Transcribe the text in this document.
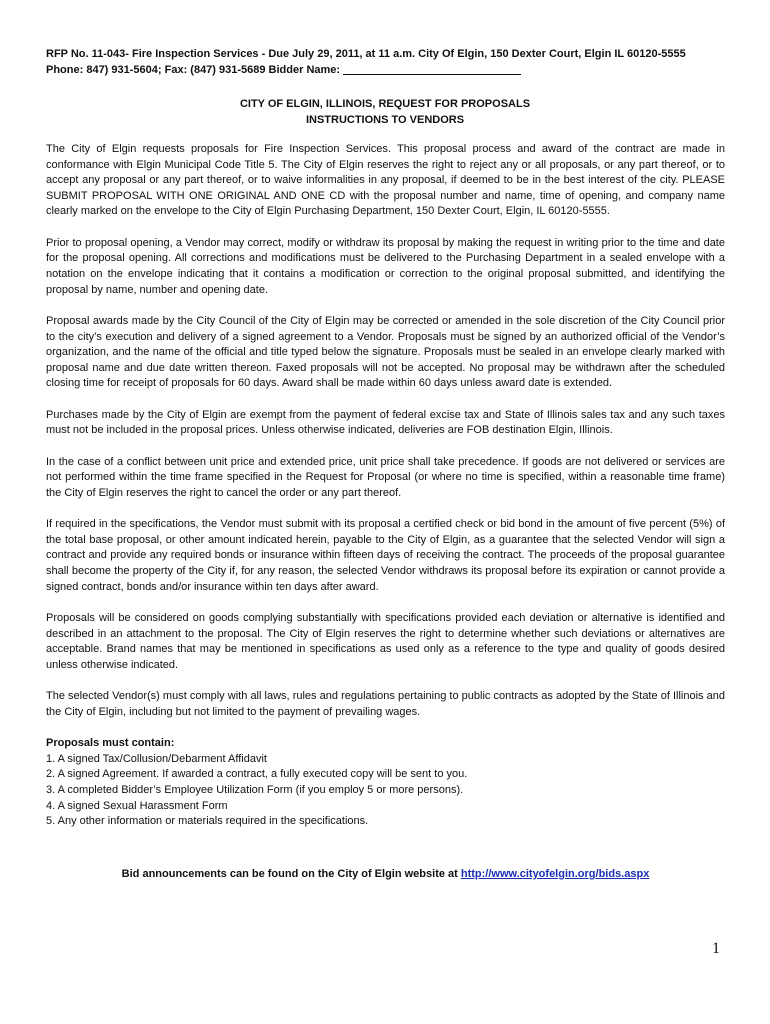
RFP No. 11-043- Fire Inspection Services - Due July 29, 2011, at 11 a.m. City Of Elgin, 150 Dexter Court, Elgin IL 60120-5555
Phone: 847) 931-5604; Fax: (847) 931-5689 Bidder Name:
CITY OF ELGIN, ILLINOIS, REQUEST FOR PROPOSALS
INSTRUCTIONS TO VENDORS

The City of Elgin requests proposals for Fire Inspection Services. This proposal process and award of the contract are made in conformance with Elgin Municipal Code Title 5. The City of Elgin reserves the right to reject any or all proposals, or any part thereof, or to accept any proposal or any part thereof, or to waive informalities in any proposal, if deemed to be in the best interest of the city. PLEASE SUBMIT PROPOSAL WITH ONE ORIGINAL AND ONE CD with the proposal number and name, time of opening, and company name clearly marked on the envelope to the City of Elgin Purchasing Department, 150 Dexter Court, Elgin, IL 60120-5555.

Prior to proposal opening, a Vendor may correct, modify or withdraw its proposal by making the request in writing prior to the time and date for the proposal opening. All corrections and modifications must be delivered to the Purchasing Department in a sealed envelope with a notation on the envelope indicating that it contains a modification or correction to the original proposal submitted, and identifying the proposal by name, number and opening date.

Proposal awards made by the City Council of the City of Elgin may be corrected or amended in the sole discretion of the City Council prior to the city’s execution and delivery of a signed agreement to a Vendor. Proposals must be signed by an authorized official of the Vendor’s organization, and the name of the official and title typed below the signature. Proposals must be sealed in an envelope clearly marked with proposal name and due date written thereon. Faxed proposals will not be accepted. No proposal may be withdrawn after the scheduled closing time for receipt of proposals for 60 days. Award shall be made within 60 days unless award date is extended.

Purchases made by the City of Elgin are exempt from the payment of federal excise tax and State of Illinois sales tax and any such taxes must not be included in the proposal prices. Unless otherwise indicated, deliveries are FOB destination Elgin, Illinois.

In the case of a conflict between unit price and extended price, unit price shall take precedence. If goods are not delivered or services are not performed within the time frame specified in the Request for Proposal (or where no time is specified, within a reasonable time frame) the City of Elgin reserves the right to cancel the order or any part thereof.

If required in the specifications, the Vendor must submit with its proposal a certified check or bid bond in the amount of five percent (5%) of the total base proposal, or other amount indicated herein, payable to the City of Elgin, as a guarantee that the selected Vendor will sign a contract and provide any required bonds or insurance within fifteen days of receiving the contract. The proceeds of the proposal guarantee shall become the property of the City if, for any reason, the selected Vendor withdraws its proposal before its expiration or cannot provide a signed contract, bonds and/or insurance within ten days after award.

Proposals will be considered on goods complying substantially with specifications provided each deviation or alternative is identified and described in an attachment to the proposal. The City of Elgin reserves the right to determine whether such deviations or alternatives are acceptable. Brand names that may be mentioned in specifications as used only as a reference to the type and quality of goods desired unless otherwise indicated.

The selected Vendor(s) must comply with all laws, rules and regulations pertaining to public contracts as adopted by the State of Illinois and the City of Elgin, including but not limited to the payment of prevailing wages.

Proposals must contain:
1. A signed Tax/Collusion/Debarment Affidavit
2. A signed Agreement. If awarded a contract, a fully executed copy will be sent to you.
3. A completed Bidder’s Employee Utilization Form (if you employ 5 or more persons).
4. A signed Sexual Harassment Form
5. Any other information or materials required in the specifications.
Bid announcements can be found on the City of Elgin website at http://www.cityofelgin.org/bids.aspx
1
